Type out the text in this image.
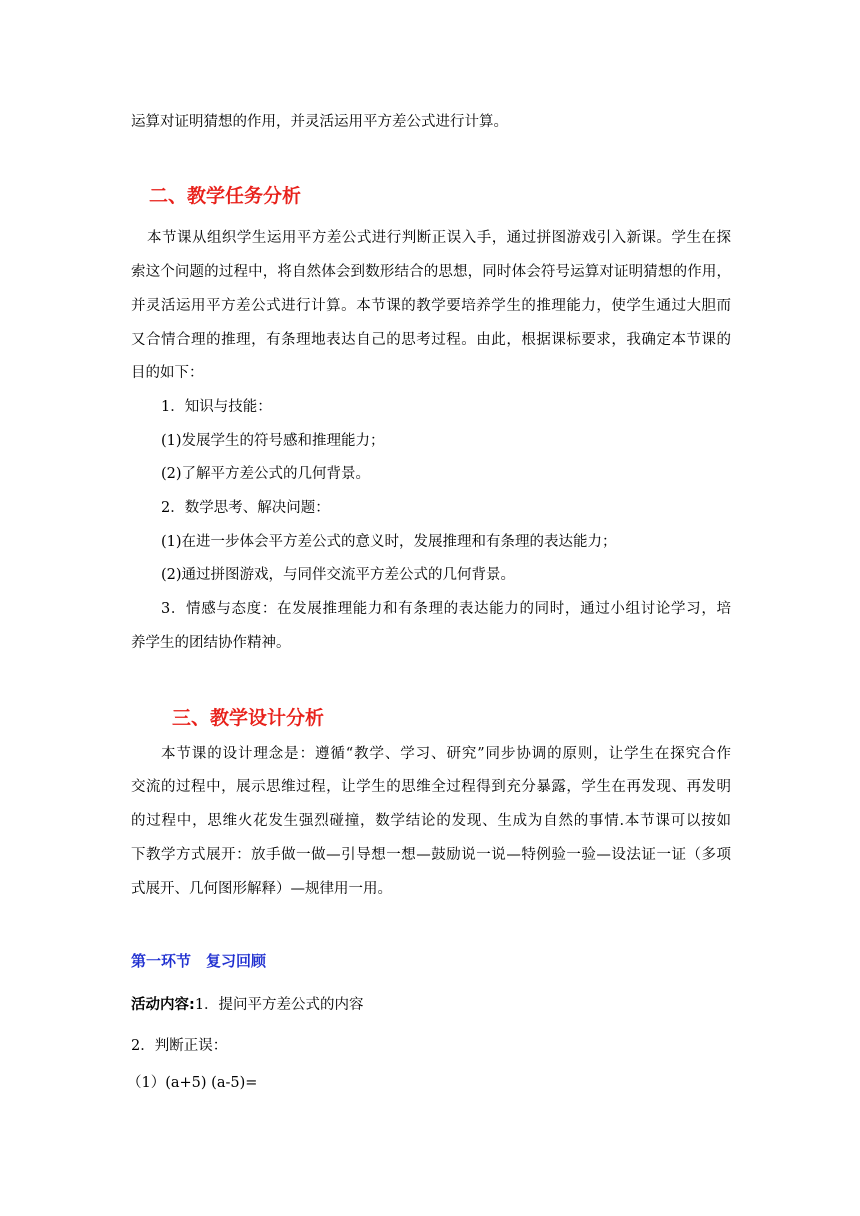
运算对证明猜想的作用，并灵活运用平方差公式进行计算。
二、教学任务分析
本节课从组织学生运用平方差公式进行判断正误入手，通过拼图游戏引入新课。学生在探
索这个问题的过程中，将自然体会到数形结合的思想，同时体会符号运算对证明猜想的作用，
并灵活运用平方差公式进行计算。本节课的教学要培养学生的推理能力，使学生通过大胆而
又合情合理的推理，有条理地表达自己的思考过程。由此，根据课标要求，我确定本节课的
目的如下：
1．知识与技能：
(1)发展学生的符号感和推理能力；
(2)了解平方差公式的几何背景。
2．数学思考、解决问题：
(1)在进一步体会平方差公式的意义时，发展推理和有条理的表达能力；
(2)通过拼图游戏，与同伴交流平方差公式的几何背景。
3．情感与态度：在发展推理能力和有条理的表达能力的同时，通过小组讨论学习，培
养学生的团结协作精神。
三、教学设计分析
本节课的设计理念是：遵循“教学、学习、研究”同步协调的原则，让学生在探究合作
交流的过程中，展示思维过程，让学生的思维全过程得到充分暴露，学生在再发现、再发明
的过程中，思维火花发生强烈碰撞，数学结论的发现、生成为自然的事情.本节课可以按如
下教学方式展开：放手做一做—引导想一想—鼓励说一说—特例验一验—设法证一证（多项
式展开、几何图形解释）—规律用一用。
第一环节　复习回顾
活动内容:1．提问平方差公式的内容
2．判断正误：
（1）(a+5) (a-5)=
